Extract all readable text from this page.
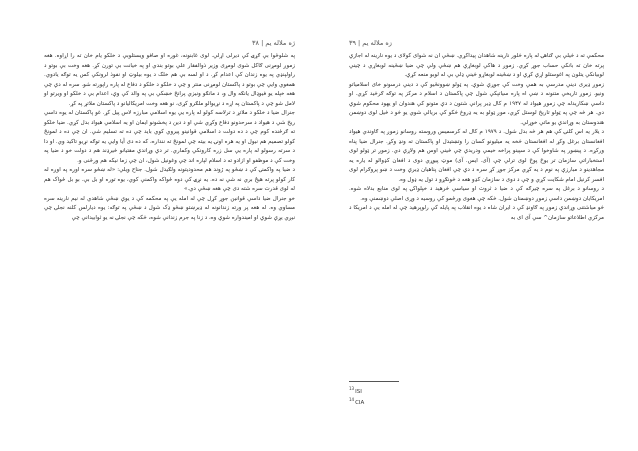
ژه ملاله یم | ۳۸

په شلوځوا بې ګړۍ کې دیرلی اړلي. لوی غابنونه، غوره او صافو ویستلوبې د خلکو یام خان ته را اړاوه. هغه زموږ لومړنی ګاکل شوی لومړی وزیر ذوالفقار علي بوتو بندي او په خیانت بې تورن کړ. هغه وخت بې بوتو د راولپنډي په یوه زندان کې اعدام کړ. د او لسه بې هم خلک د یوه بیلوټ او نفوذ لرونکي کس یه توګه یادوي. همغوي وایي چې بوتو د پاکستان لومړنی منتر و چې د خلکو د خلکو د دفاع له پاره راپورته شو. سره له دې چې هغه خپله یو فیوډال یانګه وال و، د مانګو ونیزي پرانځ خښکي بې په والد کې وې، اعدام بې د خلکو او ویرتو او لامل شو چې د پاکستان په اړه د نړیوالو ملګرو کړی، نو هغه وخت امریکالیانو د پاکستان ملاتړ په کړ.

جنرال ضیا د خلکو د ملاتړ د ترلاسه کولو له پاره یې یوه اسلامي مبارزه لاس پیل کړ. غو پاکستان له یوه داسې ریخ شي د هیواد د سرحدونو دفاع وکړي شي او د دين د پخشونو ایمان او یه اسلامي هیواد بدل کړي. ضیا خلکو ته ګرځنده کوم چې د ده دولت د اسلامي قوانینو پیروي کوي باید چې ده ته تسلیم شي. ان چې ده د لمونځ کولو تصمیم هم نیول او یه هره اونۍ یه بیته چې لمونځ ته ننداره، که ده دی آیا وایي یه توګه نړیو تاکید وي. او دا د سرته رسولو له پاره یې سل زره کارونکي وکماري. تر دې وړاندې مقتیانو څیرډند هم د دولت خو د ضیا په وخت کې د موظفو او ازادو ته د اسلام لپاره اند چې وغونیل شول، ان چې زما نیکه هم ورځنی و.

د ضیا په واکمنۍ کې د ښځو په ژوند هم محدودیتونه ولګیدل شول. جناح ویلي: «له ښځو سره اوږه په اوږه له کار کولو پرته هیڅ بري نه شي نه ده. یه نړۍ کې دوه ځواکه واکمنې کوي، یوه توره او بل بې. بو بل ځواک هم له لوی قدرت سره شته دی چې هغه ښځې دي.»

خو جنرال ضیا داسې قوانین جوړ کړل چې له امله یې په محکمه کې د یوې ښځې شاهدي له نیم نارینه سره مساوي وه. له هغه پر ورته زندانونه له ډیرښتو ښځو ډک شول د ښځې په توګه: یوه دیارلس کلنه نجلۍ چې نیږي یړې شوې او امیندواره شوې وه، د زنا په جرم زنداني شوه، څکه چې نجلۍ نه یو ثوابیداني چې

زه ملاله یم | ۳۹

محکمې ته د څیلې بې ګناهۍ له پاره څلور نارینه شاهدان پیداکړي. ښځې ان نه شوای کولای د یوه نارینه له اجازې پرته خان ته بانکي حساب جوړ کړي. زموږ د هاکي لوبغاړې هم ښځې ولې چې ضیا ښځینه لوبغاړي د چیني لوبیانکي یتلون په اغوستلو اړې کړې او د ښځینه لوبغاړو څینې ډلې بې له لوبو منعه کړې.

زموږ ډیری دیني مدرسې به همې وخت کې جوړې شوې. په ټولو ښوونځیو کې د دیني درسونو خای اسلامیاتو ونیو. زموږ تاریخي متنونه د ښې اه پاره سیاتپکې شول چې پاکستان د اسلام د مرکز په توګه ګرڅید کړي. او داسې ښکاریدله چې زموږ هیواد له ۱۹۴۷ م کال ډیر پرانې شتون د دې متونو کې هندوان او یهود محکوم شوې دي. هر څه چې په ټولو تاریخ لوستل کړي، موږ ټولو به یه ډروغ څکو کې بریالي شوي یو څو د څیل لوی دوښمن هندوستان به وړاندې یو ماتې خوړلي.

د یلار یه اس کلنۍ کې هم هر څه بدل شول. د ۱۹۷۹ م کال له کرسمیس وروسته روسانو زموږ په ګاوندي هیواد افغانستان برغل وکړ له افغانستان څخه یه میلیونو کسان را وتښتیدل او پاکستان ته ونډ وکړ. جنرال ضیا پناه ورکړه. د پیښور په شاوخوا کې د سپینو پراخه خیمې ودریدې چې څینې اوس هم ولاړې دي. زموږ تر ټولو لوی استخباراتي سازمان تر یوځ پوځ لوی ترلې چې (آی. ایس. آی) موټ پیوړي دوی د افغان کډوالو له یاره یه مجاهدینو د مبارزې په نوم د یه کړي مرکز جوړ کړ سره د دې چې افغان پناهیان ډیرې وخت د ښو پروګرام لوی افسر کرنیل امام شکایت کړي و چې د دوی د سازمان کډو هغه د څونګړو د تول یه ډول وه.

د روسانو د برغل په سره چیرګه کې د ضیا د ثروت او سیاسي څرهید د خپلواکۍ په لوی منابع بدلاه شوه. امریکایان دوښمن داسې زموږ دوښمنان شول. څکه چې هغوی ورځمو کې روسیه د وړی اصلي دوښمنې وه.

څو میاشتنی وړاندې زموږ په ګاونډ کې د ایران شاه د یوه انقلاب په پایله کې رلوپرهید چې له امله یې د امریکا د مرکزي اطلاعاتو سازمان^ سي آی ای به

$^{13}$ISI
$^{14}$CIA
